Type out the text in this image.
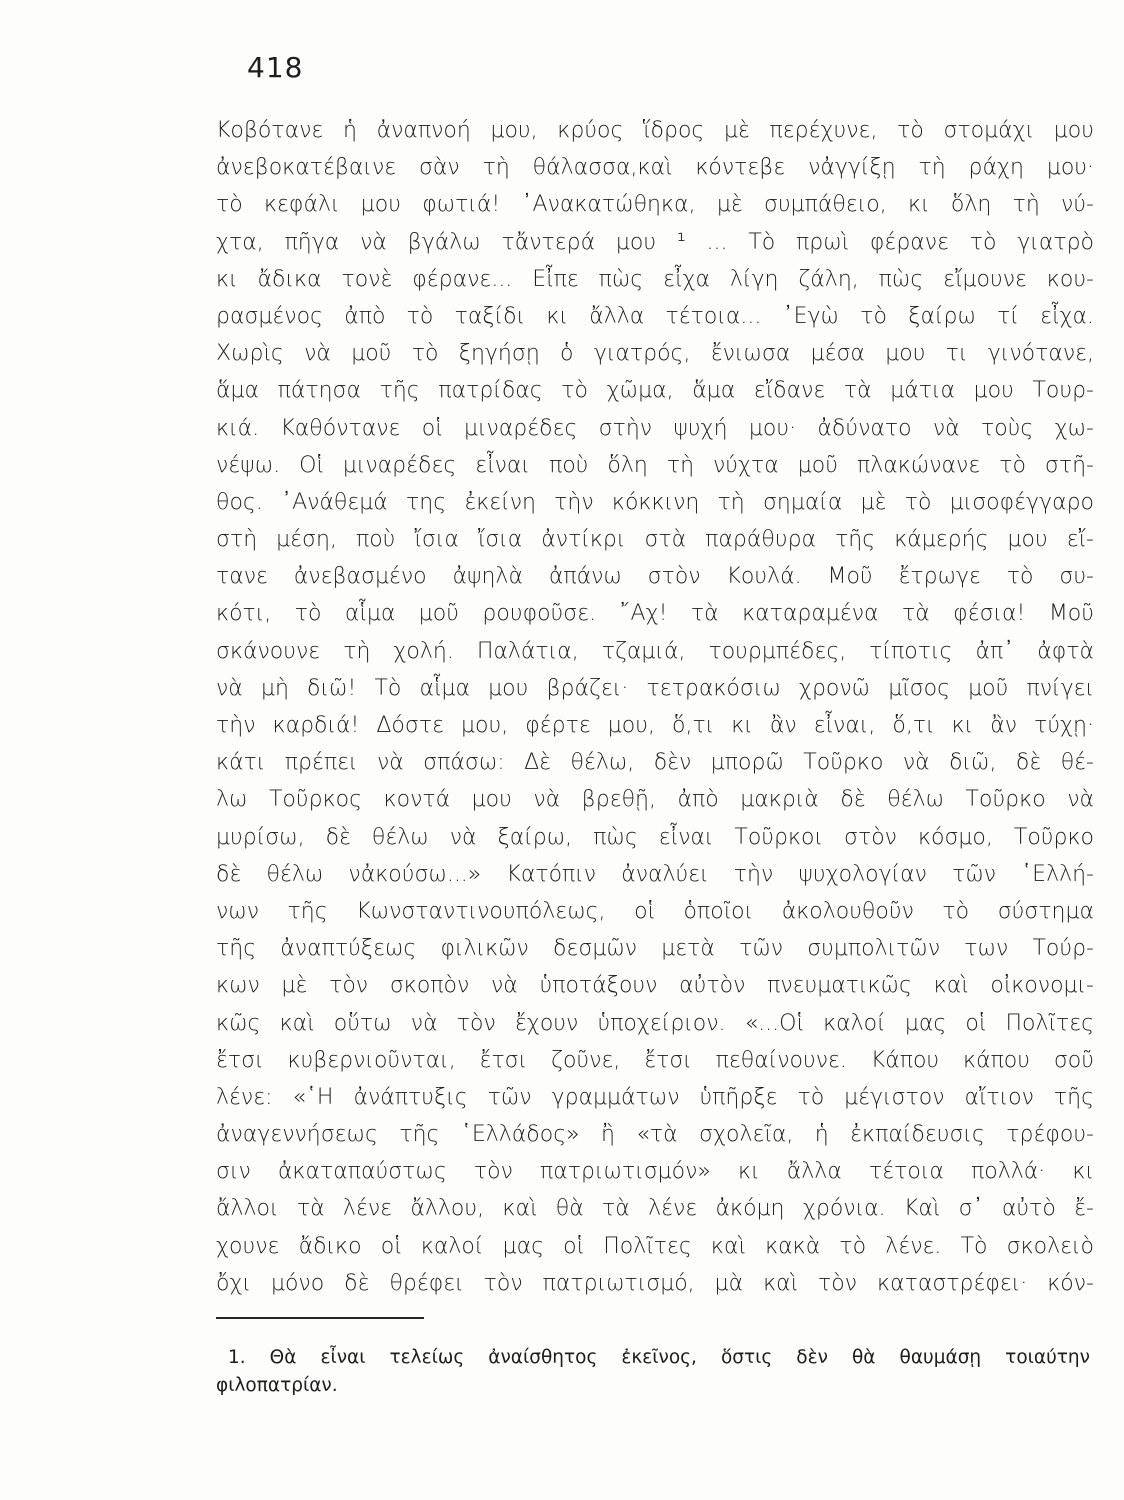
418
Κοβότανε ἡ ἀναπνοή μου, κρύος ἵδρος μὲ περέχυνε, τὸ στομάχι μου
ἀνεβοκατέβαινε σὰν τὴ θάλασσα,καὶ κόντεβε νἀγγίξῃ τὴ ράχη μου·
τὸ κεφάλι μου φωτιά! ᾿Ανακατώθηκα, μὲ συμπάθειο, κι ὅλη τὴ νύ-
χτα, πῆγα νὰ βγάλω τἄντερά μου ¹ ... Τὸ πρωὶ φέρανε τὸ γιατρὸ
κι ἄδικα τονὲ φέρανε... Εἶπε πὼς εἶχα λίγη ζάλη, πὼς εἴμουνε κου-
ρασμένος ἀπὸ τὸ ταξίδι κι ἄλλα τέτοια... ᾿Εγὼ τὸ ξαίρω τί εἶχα.
Χωρὶς νὰ μοῦ τὸ ξηγήσῃ ὁ γιατρός, ἔνιωσα μέσα μου τι γινότανε,
ἅμα πάτησα τῆς πατρίδας τὸ χῶμα, ἅμα εἴδανε τὰ μάτια μου Τουρ-
κιά. Καθόντανε οἱ μιναρέδες στὴν ψυχή μου· ἀδύνατο νὰ τοὺς χω-
νέψω. Οἱ μιναρέδες εἶναι ποὺ ὅλη τὴ νύχτα μοῦ πλακώνανε τὸ στῆ-
θος. ᾿Ανάθεμά της ἐκείνη τὴν κόκκινη τὴ σημαία μὲ τὸ μισοφέγγαρο
στὴ μέση, ποὺ ἴσια ἴσια ἀντίκρι στὰ παράθυρα τῆς κάμερής μου εἴ-
τανε ἀνεβασμένο ἀψηλὰ ἀπάνω στὸν Κουλά. Μοῦ ἔτρωγε τὸ συ-
κότι, τὸ αἷμα μοῦ ρουφοῦσε. ῎Αχ! τὰ καταραμένα τὰ φέσια! Μοῦ
σκάνουνε τὴ χολή. Παλάτια, τζαμιά, τουρμπέδες, τίποτις ἀπ᾿ ἀφτὰ
νὰ μὴ διῶ! Τὸ αἷμα μου βράζει· τετρακόσιω χρονῶ μῖσος μοῦ πνίγει
τὴν καρδιά! Δόστε μου, φέρτε μου, ὅ,τι κι ἂν εἶναι, ὅ,τι κι ἂν τύχῃ·
κάτι πρέπει νὰ σπάσω: Δὲ θέλω, δὲν μπορῶ Τοῦρκο νὰ διῶ, δὲ θέ-
λω Τοῦρκος κοντά μου νὰ βρεθῇ, ἀπὸ μακριὰ δὲ θέλω Τοῦρκο νὰ
μυρίσω, δὲ θέλω νὰ ξαίρω, πὼς εἶναι Τοῦρκοι στὸν κόσμο, Τοῦρκο
δὲ θέλω νἀκούσω...» Κατόπιν ἀναλύει τὴν ψυχολογίαν τῶν ῾Ελλή-
νων τῆς Κωνσταντινουπόλεως, οἱ ὁποῖοι ἀκολουθοῦν τὸ σύστημα
τῆς ἀναπτύξεως φιλικῶν δεσμῶν μετὰ τῶν συμπολιτῶν των Τούρ-
κων μὲ τὸν σκοπὸν νὰ ὑποτάξουν αὐτὸν πνευματικῶς καὶ οἰκονομι-
κῶς καὶ οὕτω νὰ τὸν ἔχουν ὑποχείριον. «...Οἱ καλοί μας οἱ Πολῖτες
ἔτσι κυβερνιοῦνται, ἔτσι ζοῦνε, ἔτσι πεθαίνουνε. Κάπου κάπου σοῦ
λένε: «῾Η ἀνάπτυξις τῶν γραμμάτων ὑπῆρξε τὸ μέγιστον αἴτιον τῆς
ἀναγεννήσεως τῆς ῾Ελλάδος» ἢ «τὰ σχολεῖα, ἡ ἐκπαίδευσις τρέφου-
σιν ἀκαταπαύστως τὸν πατριωτισμόν» κι ἄλλα τέτοια πολλά· κι
ἄλλοι τὰ λένε ἄλλου, καὶ θὰ τὰ λένε ἀκόμη χρόνια. Καὶ σ᾿ αὐτὸ ἔ-
χουνε ἄδικο οἱ καλοί μας οἱ Πολῖτες καὶ κακὰ τὸ λένε. Τὸ σκολειὸ
ὄχι μόνο δὲ θρέφει τὸν πατριωτισμό, μὰ καὶ τὸν καταστρέφει· κόν-
1. Θὰ εἶναι τελείως ἀναίσθητος ἐκεῖνος, ὅστις δὲν θὰ θαυμάσῃ τοιαύτην
φιλοπατρίαν.
